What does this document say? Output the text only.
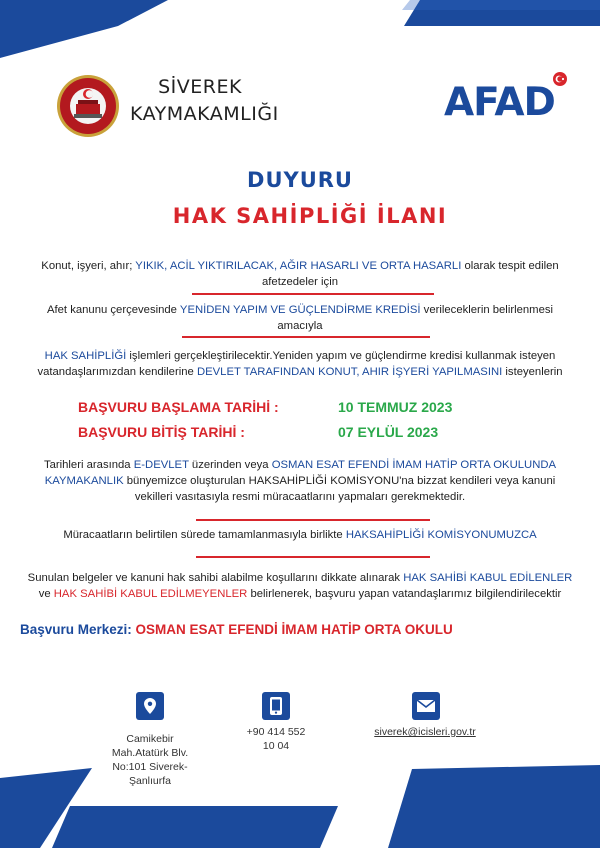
SİVEREK
KAYMAKAMLIĞI	AFAD
DUYURU
HAK SAHİPLİĞİ İLANI
Konut, işyeri, ahır; YIKIK, ACİL YIKTIRILACAK, AĞIR HASARLI VE ORTA HASARLI olarak tespit edilen
afetzedeler için
Afet kanunu çerçevesinde YENİDEN YAPIM VE GÜÇLENDİRME KREDİSİ verileceklerin belirlenmesi
amacıyla
HAK SAHİPLİĞİ işlemleri gerçekleştirilecektir.Yeniden yapım ve güçlendirme kredisi kullanmak isteyen
vatandaşlarımızdan kendilerine DEVLET TARAFINDAN KONUT, AHIR İŞYERİ YAPILMASINI isteyenlerin
BAŞVURU BAŞLAMA TARİHİ :	10 TEMMUZ 2023
BAŞVURU BİTİŞ TARİHİ :	07 EYLÜL 2023
Tarihleri arasında E-DEVLET üzerinden veya OSMAN ESAT EFENDİ İMAM HATİP ORTA OKULUNDA
KAYMAKANLIK bünyemizce oluşturulan HAKSAHİPLİĞİ KOMİSYONU'na bizzat kendileri veya kanuni
vekilleri vasıtasıyla resmi müracaatlarını yapmaları gerekmektedir.
Müracaatların belirtilen sürede tamamlanmasıyla birlikte HAKSAHİPLİĞİ KOMİSYONUMUZCA
Sunulan belgeler ve kanuni hak sahibi alabilme koşullarını dikkate alınarak HAK SAHİBİ KABUL EDİLENLER
ve HAK SAHİBİ KABUL EDİLMEYENLER belirlenerek, başvuru yapan vatandaşlarımız bilgilendirilecektir
Başvuru Merkezi: OSMAN ESAT EFENDİ İMAM HATİP ORTA OKULU
Camikebir
Mah.Atatürk Blv.
No:101 Siverek-
Şanlıurfa
+90 414 552
10 04
siverek@icisleri.gov.tr
